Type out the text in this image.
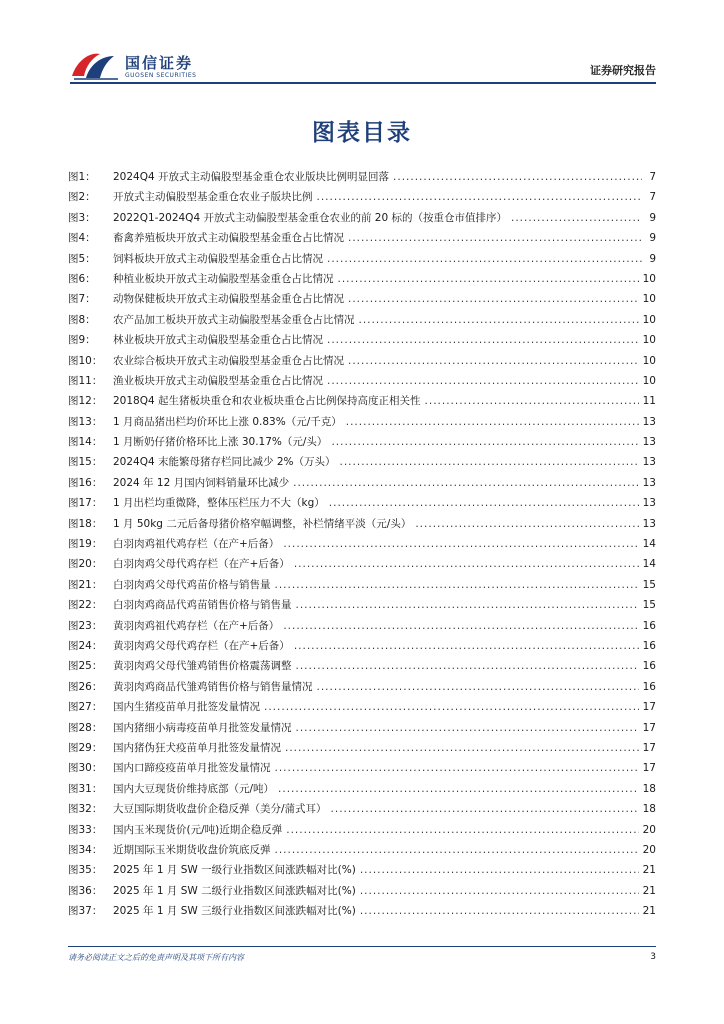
国信证券
GUOSEN SECURITIES	证券研究报告
图表目录
图1：	2024Q4 开放式主动偏股型基金重仓农业版块比例明显回落 .....	7
图2：	开放式主动偏股型基金重仓农业子版块比例 .....	7
图3：	2022Q1-2024Q4 开放式主动偏股型基金重仓农业的前 20 标的（按重仓市值排序） .....	9
图4：	畜禽养殖板块开放式主动偏股型基金重仓占比情况 .....	9
图5：	饲料板块开放式主动偏股型基金重仓占比情况 .....	9
图6：	种植业板块开放式主动偏股型基金重仓占比情况 .....	10
图7：	动物保健板块开放式主动偏股型基金重仓占比情况 .....	10
图8：	农产品加工板块开放式主动偏股型基金重仓占比情况 .....	10
图9：	林业板块开放式主动偏股型基金重仓占比情况 .....	10
图10：	农业综合板块开放式主动偏股型基金重仓占比情况 .....	10
图11：	渔业板块开放式主动偏股型基金重仓占比情况 .....	10
图12：	2018Q4 起生猪板块重仓和农业板块重仓占比例保持高度正相关性 .....	11
图13：	1 月商品猪出栏均价环比上涨 0.83%（元/千克） .....	13
图14：	1 月断奶仔猪价格环比上涨 30.17%（元/头） .....	13
图15：	2024Q4 末能繁母猪存栏同比减少 2%（万头） .....	13
图16：	2024 年 12 月国内饲料销量环比减少 .....	13
图17：	1 月出栏均重微降，整体压栏压力不大（kg） .....	13
图18：	1 月 50kg 二元后备母猪价格窄幅调整，补栏情绪平淡（元/头） .....	13
图19：	白羽肉鸡祖代鸡存栏（在产+后备） .....	14
图20：	白羽肉鸡父母代鸡存栏（在产+后备） .....	14
图21：	白羽肉鸡父母代鸡苗价格与销售量 .....	15
图22：	白羽肉鸡商品代鸡苗销售价格与销售量 .....	15
图23：	黄羽肉鸡祖代鸡存栏（在产+后备） .....	16
图24：	黄羽肉鸡父母代鸡存栏（在产+后备） .....	16
图25：	黄羽肉鸡父母代雏鸡销售价格震荡调整 .....	16
图26：	黄羽肉鸡商品代雏鸡销售价格与销售量情况 .....	16
图27：	国内生猪疫苗单月批签发量情况 .....	17
图28：	国内猪细小病毒疫苗单月批签发量情况 .....	17
图29：	国内猪伪狂犬疫苗单月批签发量情况 .....	17
图30：	国内口蹄疫疫苗单月批签发量情况 .....	17
图31：	国内大豆现货价维持底部（元/吨） .....	18
图32：	大豆国际期货收盘价企稳反弹（美分/蒲式耳） .....	18
图33：	国内玉米现货价(元/吨)近期企稳反弹 .....	20
图34：	近期国际玉米期货收盘价筑底反弹 .....	20
图35：	2025 年 1 月 SW 一级行业指数区间涨跌幅对比(%) .....	21
图36：	2025 年 1 月 SW 二级行业指数区间涨跌幅对比(%) .....	21
图37：	2025 年 1 月 SW 三级行业指数区间涨跌幅对比(%) .....	21
请务必阅读正文之后的免责声明及其项下所有内容	3
